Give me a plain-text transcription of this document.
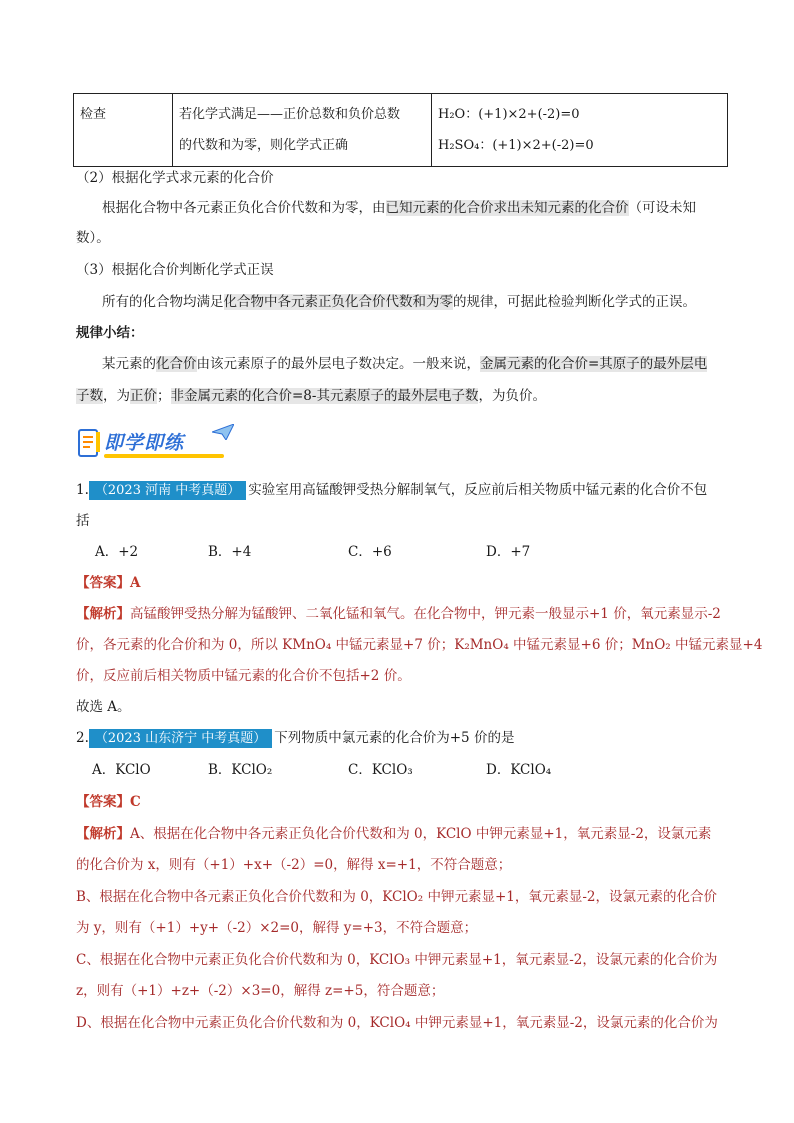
检查	若化学式满足——正价总数和负价总数
的代数和为零，则化学式正确

H₂O：(+1)×2+(-2)=0
H₂SO₄：(+1)×2+(-2)=0
（2）根据化学式求元素的化合价
根据化合物中各元素正负化合价代数和为零，由已知元素的化合价求出未知元素的化合价（可设未知
数）。
（3）根据化合价判断化学式正误
所有的化合物均满足化合物中各元素正负化合价代数和为零的规律，可据此检验判断化学式的正误。
规律小结：
某元素的化合价由该元素原子的最外层电子数决定。一般来说，金属元素的化合价=其原子的最外层电
子数，为正价；非金属元素的化合价=8-其元素原子的最外层电子数，为负价。
即学即练
1. （2023 河南 中考真题） 实验室用高锰酸钾受热分解制氧气，反应前后相关物质中锰元素的化合价不包
括
A．+2	B．+4	C．+6	D．+7
【答案】A
【解析】高锰酸钾受热分解为锰酸钾、二氧化锰和氧气。在化合物中，钾元素一般显示+1 价，氧元素显示-2
价，各元素的化合价和为 0，所以 KMnO₄ 中锰元素显+7 价；K₂MnO₄ 中锰元素显+6 价；MnO₂ 中锰元素显+4
价，反应前后相关物质中锰元素的化合价不包括+2 价。
故选 A。
2. （2023 山东济宁 中考真题） 下列物质中氯元素的化合价为+5 价的是
A．KClO	B．KClO₂	C．KClO₃	D．KClO₄
【答案】C
【解析】A、根据在化合物中各元素正负化合价代数和为 0，KClO 中钾元素显+1，氧元素显-2，设氯元素
的化合价为 x，则有（+1）+x+（-2）=0，解得 x=+1，不符合题意；
B、根据在化合物中各元素正负化合价代数和为 0，KClO₂ 中钾元素显+1，氧元素显-2，设氯元素的化合价
为 y，则有（+1）+y+（-2）×2=0，解得 y=+3，不符合题意；
C、根据在化合物中元素正负化合价代数和为 0，KClO₃ 中钾元素显+1，氧元素显-2，设氯元素的化合价为
z，则有（+1）+z+（-2）×3=0，解得 z=+5，符合题意；
D、根据在化合物中元素正负化合价代数和为 0，KClO₄ 中钾元素显+1，氧元素显-2，设氯元素的化合价为
